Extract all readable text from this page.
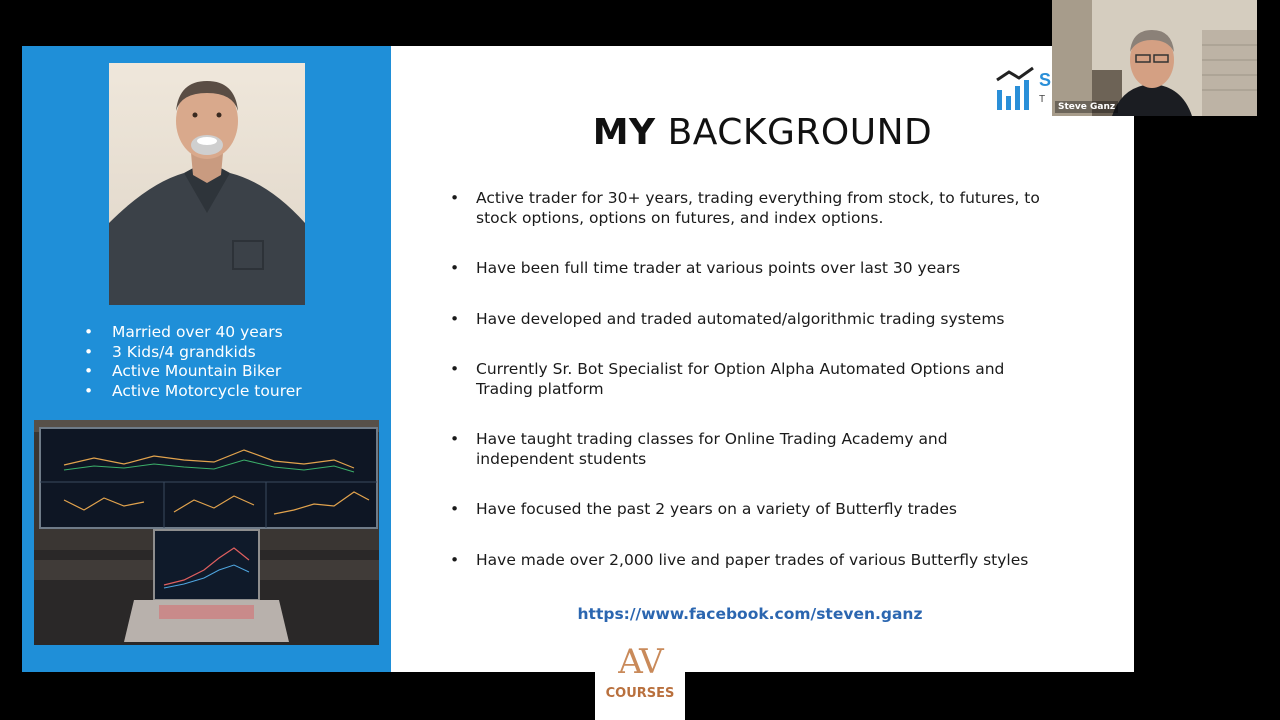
• Married over 40 years
• 3 Kids/4 grandkids
• Active Mountain Biker
• Active Motorcycle tourer
S
T
MY BACKGROUND
• Active trader for 30+ years, trading everything from stock, to futures, to stock options, options on futures, and index options.
• Have been full time trader at various points over last 30 years
• Have developed and traded automated/algorithmic trading systems
• Currently Sr. Bot Specialist for Option Alpha Automated Options and Trading platform
• Have taught trading classes for Online Trading Academy and independent students
• Have focused the past 2 years on a variety of Butterfly trades
• Have made over 2,000 live and paper trades of various Butterfly styles
https://www.facebook.com/steven.ganz
AV
COURSES
Steve Ganz
